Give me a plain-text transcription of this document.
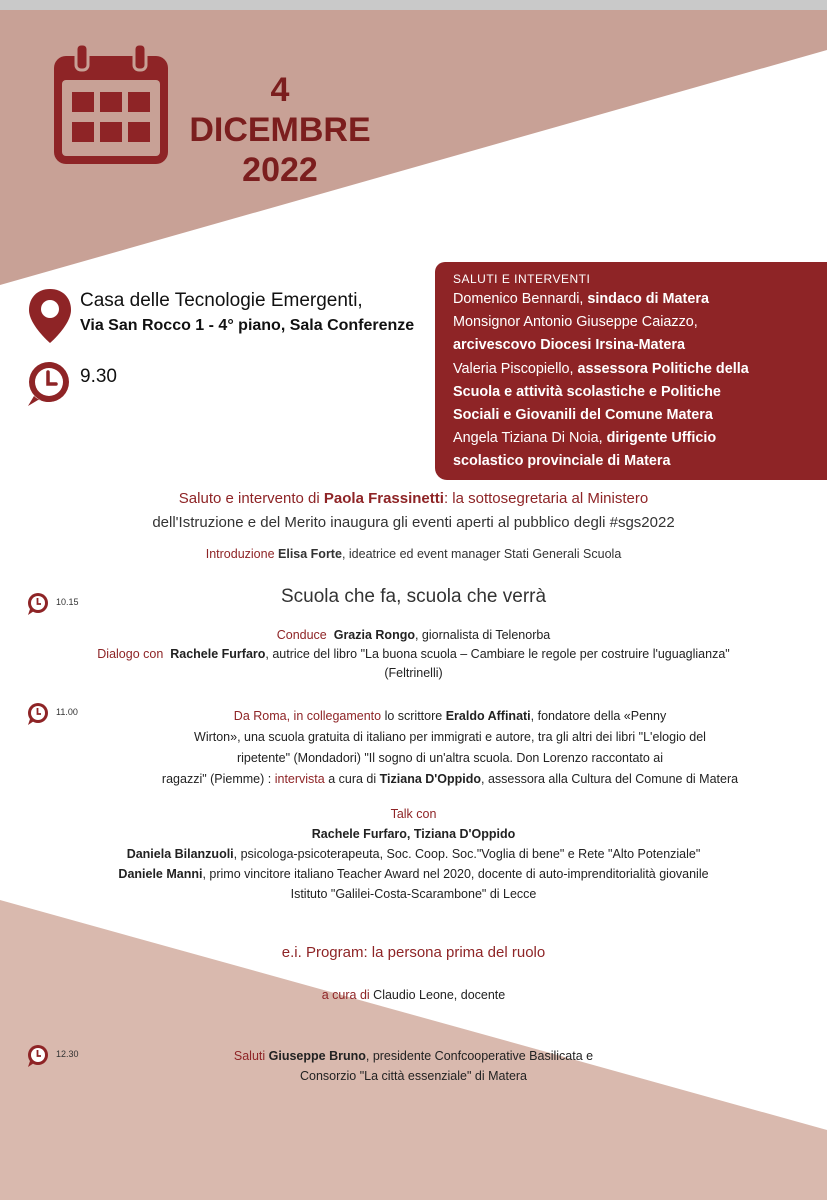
4 DICEMBRE
2022
Casa delle Tecnologie Emergenti,
Via San Rocco 1 - 4° piano, Sala Conferenze
9.30
SALUTI E INTERVENTI
Domenico Bennardi, sindaco di Matera
Monsignor Antonio Giuseppe Caiazzo,
arcivescovo Diocesi Irsina-Matera
Valeria Piscopiello, assessora Politiche della
Scuola e attività scolastiche e Politiche
Sociali e Giovanili del Comune Matera
Angela Tiziana Di Noia, dirigente Ufficio
scolastico provinciale di Matera
Saluto e intervento di Paola Frassinetti: la sottosegretaria al Ministero
dell'Istruzione e del Merito inaugura gli eventi aperti al pubblico degli #sgs2022
Introduzione Elisa Forte, ideatrice ed event manager Stati Generali Scuola
10.15	Scuola che fa, scuola che verrà
Conduce Grazia Rongo, giornalista di Telenorba
Dialogo con Rachele Furfaro, autrice del libro "La buona scuola – Cambiare le regole per costruire l'uguaglianza"
(Feltrinelli)
11.00	Da Roma, in collegamento lo scrittore Eraldo Affinati, fondatore della «Penny
Wirton», una scuola gratuita di italiano per immigrati e autore, tra gli altri dei libri "L'elogio del
ripetente" (Mondadori) "Il sogno di un'altra scuola. Don Lorenzo raccontato ai
ragazzi" (Piemme) : intervista a cura di Tiziana D'Oppido, assessora alla Cultura del Comune di Matera
Talk con
Rachele Furfaro, Tiziana D'Oppido
Daniela Bilanzuoli, psicologa-psicoterapeuta, Soc. Coop. Soc."Voglia di bene" e Rete "Alto Potenziale"
Daniele Manni, primo vincitore italiano Teacher Award nel 2020, docente di auto-imprenditorialità giovanile
Istituto "Galilei-Costa-Scarambone" di Lecce
e.i. Program: la persona prima del ruolo
a cura di Claudio Leone, docente
12.30	Saluti Giuseppe Bruno, presidente Confcooperative Basilicata e
Consorzio "La città essenziale" di Matera
